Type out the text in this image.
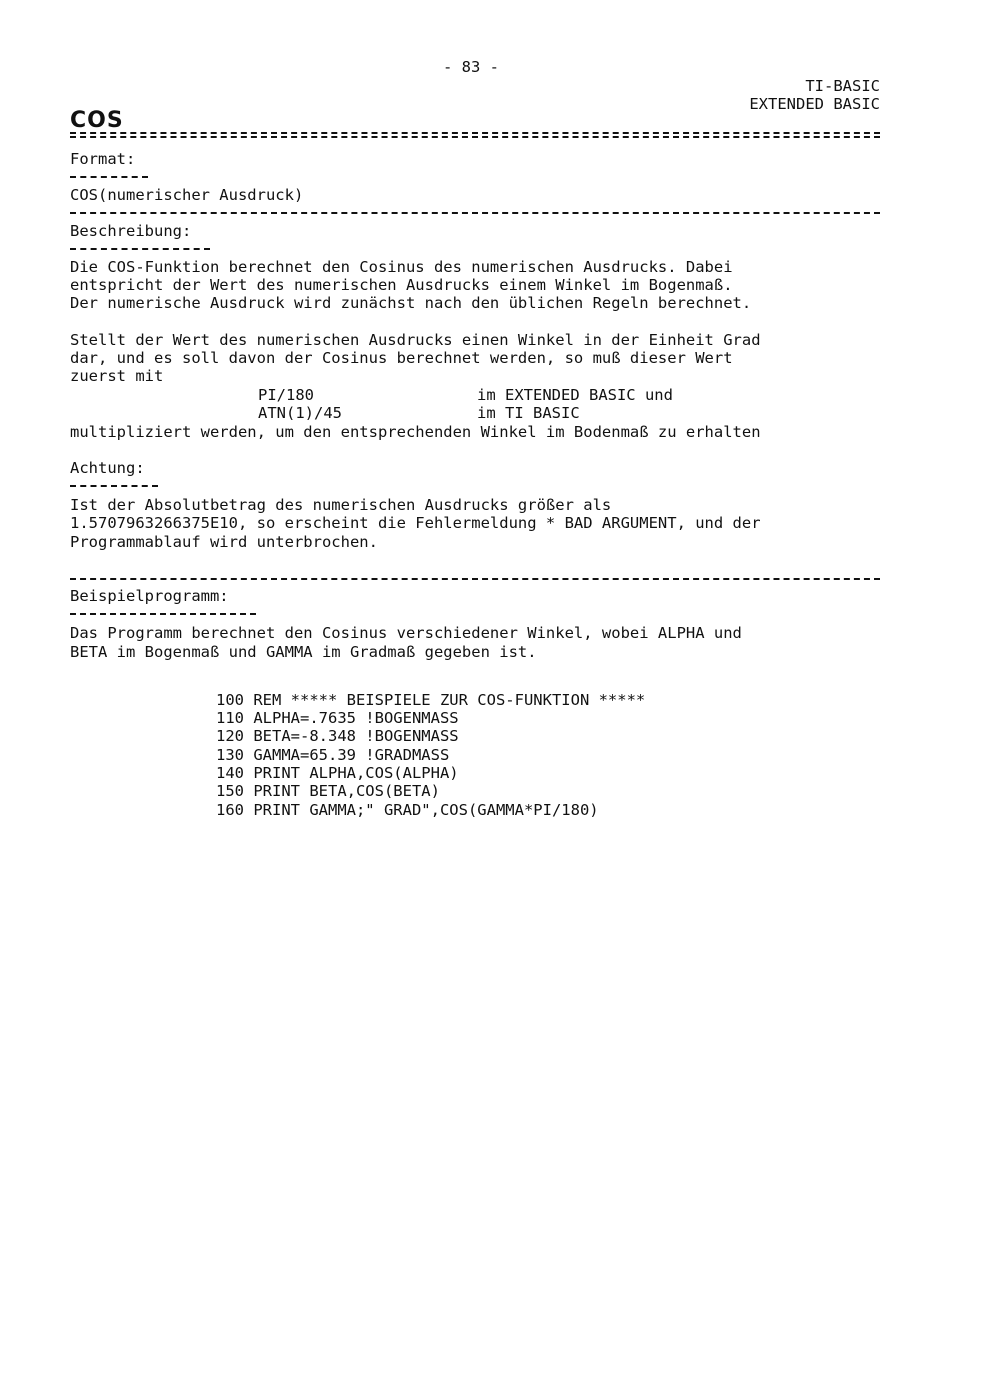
- 83 -
TI-BASIC
EXTENDED BASIC
COS
Format:
COS(numerischer Ausdruck)
Beschreibung:
Die COS-Funktion berechnet den Cosinus des numerischen Ausdrucks. Dabei
entspricht der Wert des numerischen Ausdrucks einem Winkel im Bogenmaß.
Der numerische Ausdruck wird zunächst nach den üblichen Regeln berechnet.
Stellt der Wert des numerischen Ausdrucks einen Winkel in der Einheit Grad
dar, und es soll davon der Cosinus berechnet werden, so muß dieser Wert
zuerst mit
PI/180	im EXTENDED BASIC und
ATN(1)/45	im TI BASIC
multipliziert werden, um den entsprechenden Winkel im Bodenmaß zu erhalten
Achtung:
Ist der Absolutbetrag des numerischen Ausdrucks größer als
1.5707963266375E10, so erscheint die Fehlermeldung * BAD ARGUMENT, und der
Programmablauf wird unterbrochen.
Beispielprogramm:
Das Programm berechnet den Cosinus verschiedener Winkel, wobei ALPHA und
BETA im Bogenmaß und GAMMA im Gradmaß gegeben ist.
100 REM ***** BEISPIELE ZUR COS-FUNKTION *****
110 ALPHA=.7635 !BOGENMASS
120 BETA=-8.348 !BOGENMASS
130 GAMMA=65.39 !GRADMASS
140 PRINT ALPHA,COS(ALPHA)
150 PRINT BETA,COS(BETA)
160 PRINT GAMMA;" GRAD",COS(GAMMA*PI/180)
